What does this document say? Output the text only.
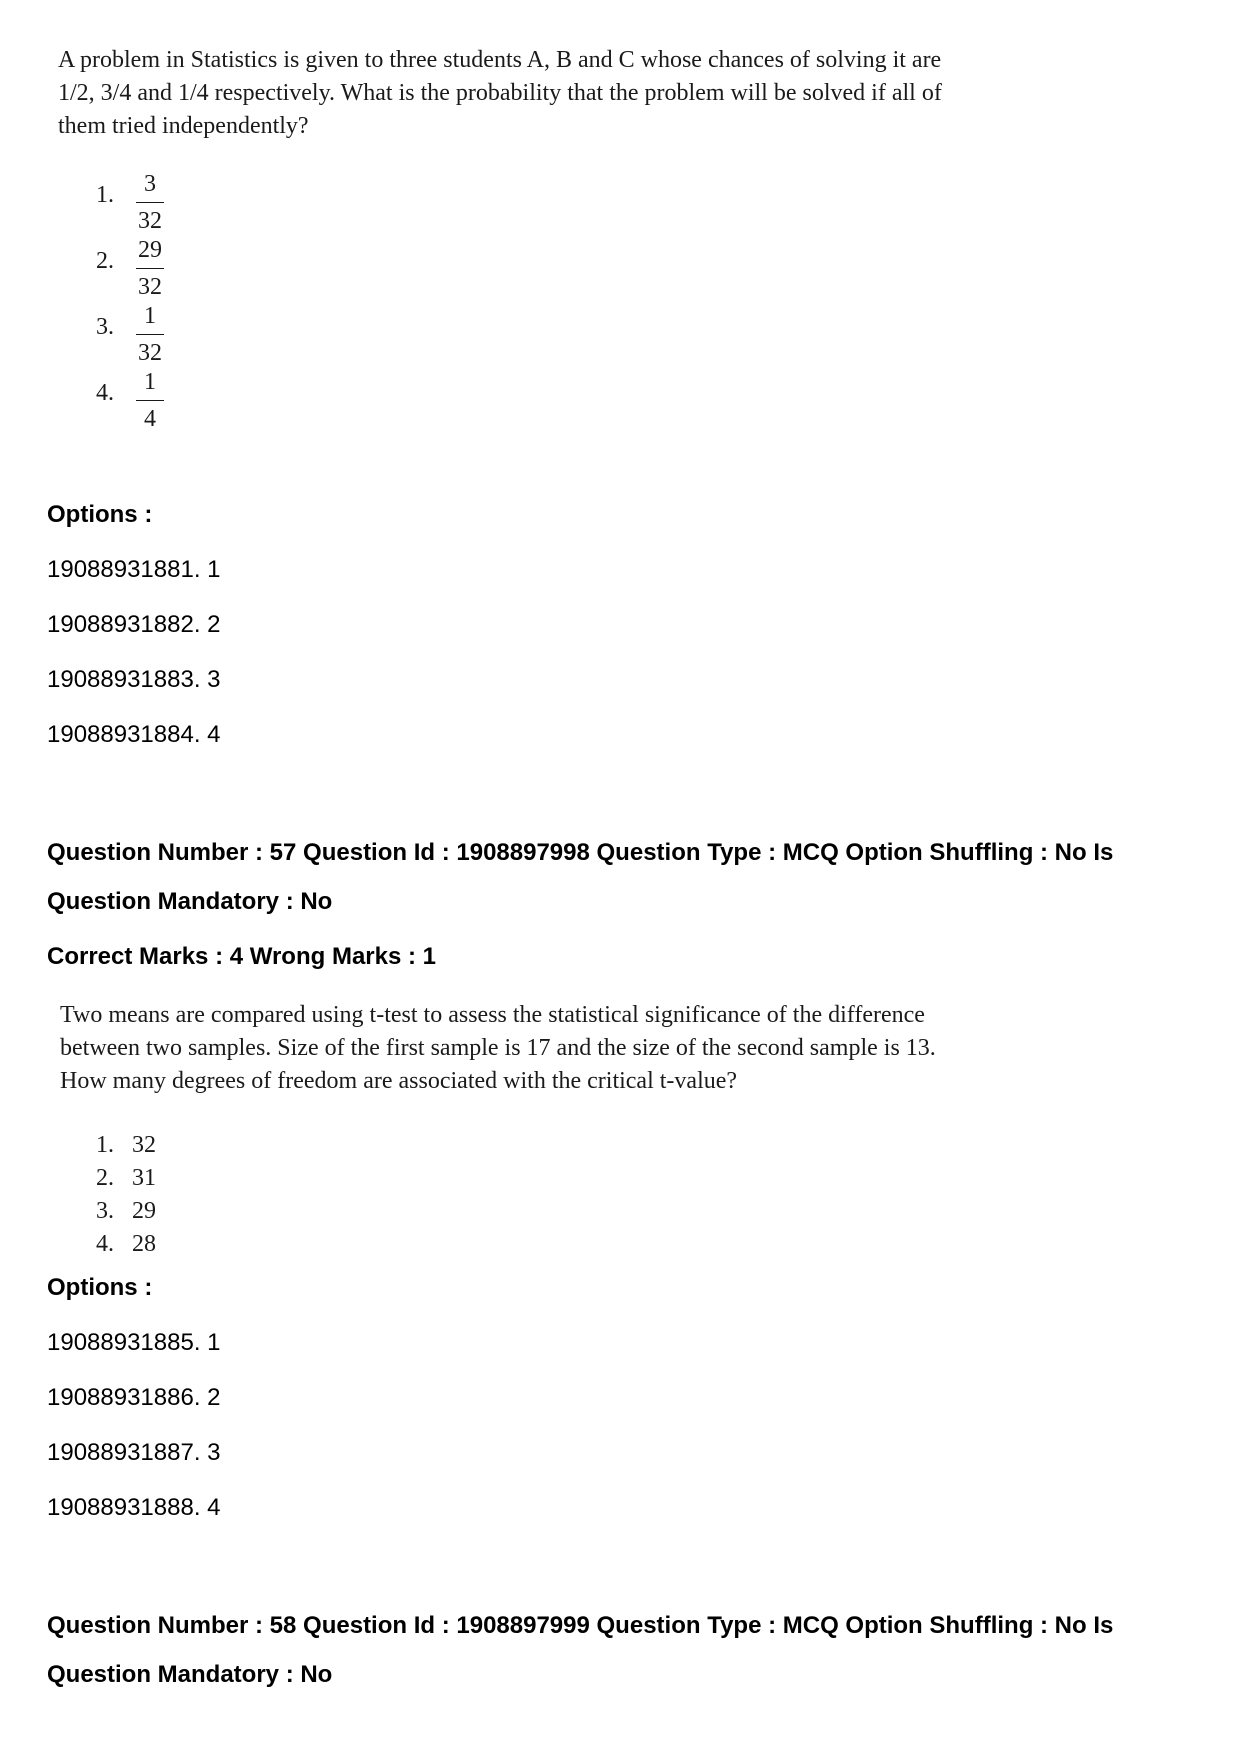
A problem in Statistics is given to three students A, B and C whose chances of solving it are 1/2, 3/4 and 1/4 respectively. What is the probability that the problem will be solved if all of them tried independently?
1.	3
32
2.	29
32
3.	1
32
4.	1
4
Options :
19088931881. 1
19088931882. 2
19088931883. 3
19088931884. 4
Question Number : 57 Question Id : 1908897998 Question Type : MCQ Option Shuffling : No Is
Question Mandatory : No
Correct Marks : 4 Wrong Marks : 1
Two means are compared using t-test to assess the statistical significance of the difference between two samples. Size of the first sample is 17 and the size of the second sample is 13. How many degrees of freedom are associated with the critical t-value?
1. 32
2. 31
3. 29
4. 28
Options :
19088931885. 1
19088931886. 2
19088931887. 3
19088931888. 4
Question Number : 58 Question Id : 1908897999 Question Type : MCQ Option Shuffling : No Is
Question Mandatory : No
